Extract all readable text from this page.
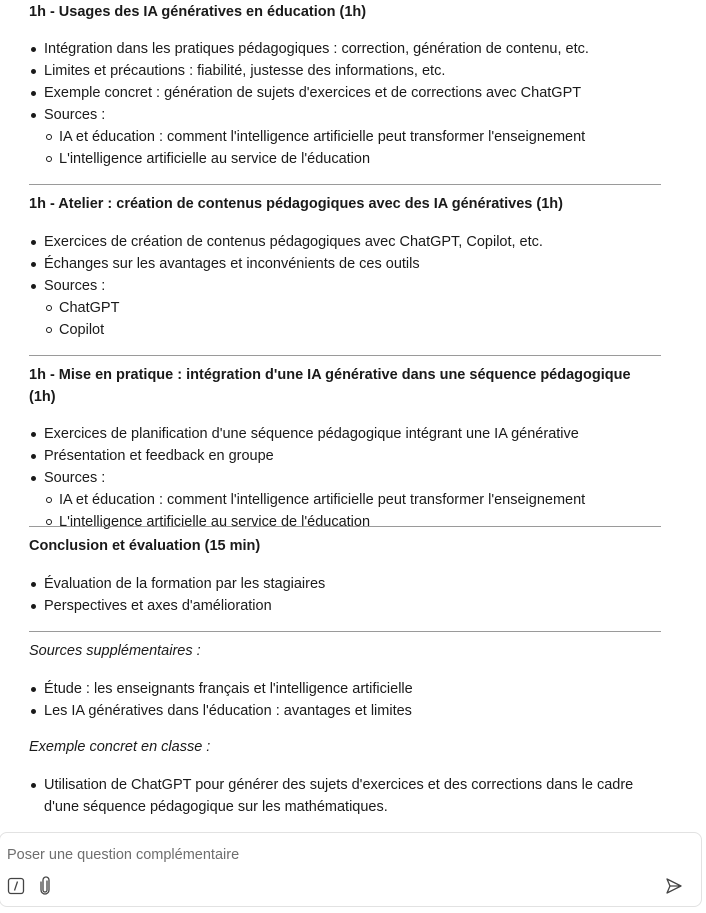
1h - Usages des IA génératives en éducation (1h)
Intégration dans les pratiques pédagogiques : correction, génération de contenu, etc.
Limites et précautions : fiabilité, justesse des informations, etc.
Exemple concret : génération de sujets d'exercices et de corrections avec ChatGPT
Sources :
IA et éducation : comment l'intelligence artificielle peut transformer l'enseignement
L'intelligence artificielle au service de l'éducation
1h - Atelier : création de contenus pédagogiques avec des IA génératives (1h)
Exercices de création de contenus pédagogiques avec ChatGPT, Copilot, etc.
Échanges sur les avantages et inconvénients de ces outils
Sources :
ChatGPT
Copilot
1h - Mise en pratique : intégration d'une IA générative dans une séquence pédagogique (1h)
Exercices de planification d'une séquence pédagogique intégrant une IA générative
Présentation et feedback en groupe
Sources :
IA et éducation : comment l'intelligence artificielle peut transformer l'enseignement
L'intelligence artificielle au service de l'éducation
Conclusion et évaluation (15 min)
Évaluation de la formation par les stagiaires
Perspectives et axes d'amélioration
Sources supplémentaires :
Étude : les enseignants français et l'intelligence artificielle
Les IA génératives dans l'éducation : avantages et limites
Exemple concret en classe :
Utilisation de ChatGPT pour générer des sujets d'exercices et des corrections dans le cadre d'une séquence pédagogique sur les mathématiques.
Poser une question complémentaire
